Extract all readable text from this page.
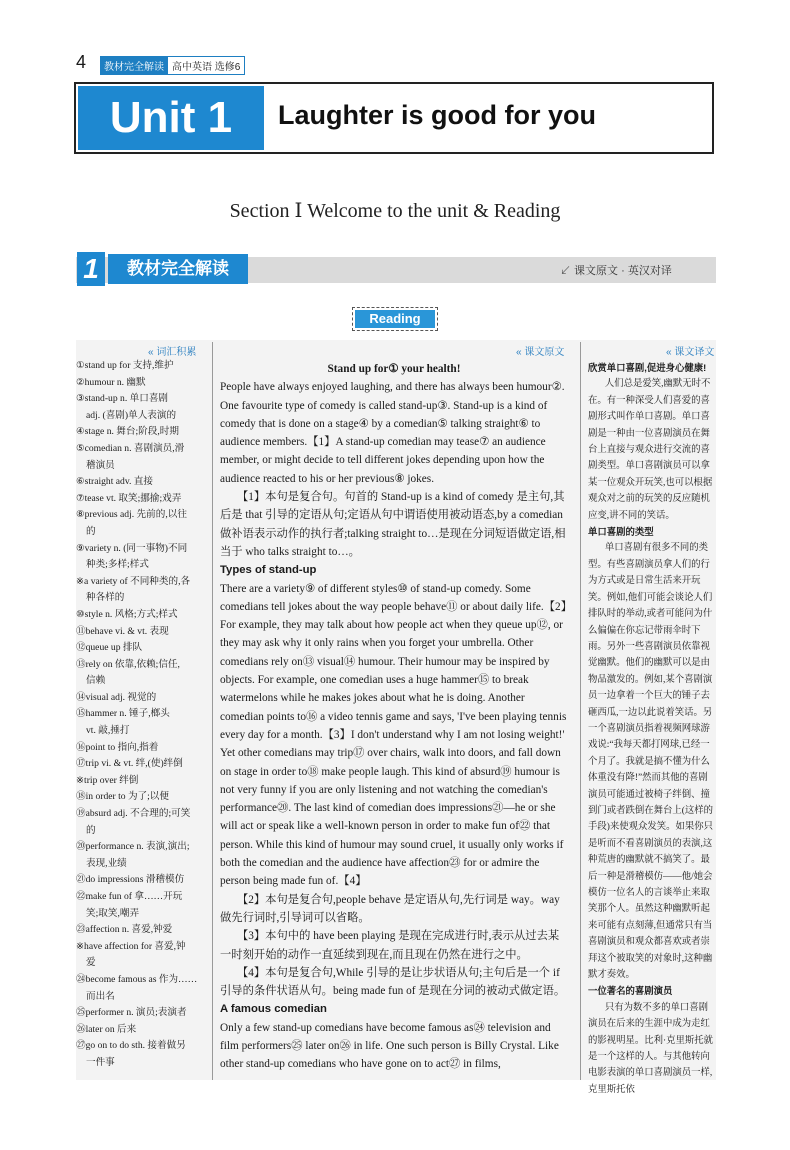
4	教材完全解读 高中英语 选修6
Unit 1	Laughter is good for you
Section Ⅰ Welcome to the unit & Reading
1	教材完全解读	↙ 课文原文 · 英汉对译
Reading
« 词汇积累	« 课文原文	« 课文译文
①stand up for 支持,维护
②humour n. 幽默
③stand-up n. 单口喜剧
adj. (喜剧)单人表演的
④stage n. 舞台;阶段,时期
⑤comedian n. 喜剧演员,滑
稽演员
⑥straight adv. 直接
⑦tease vt. 取笑;挪揄;戏弄
⑧previous adj. 先前的,以往
的
⑨variety n. (同一事物)不同
种类;多样;样式
※a variety of 不同种类的,各
种各样的
⑩style n. 风格;方式;样式
⑪behave vi. & vt. 表现
⑫queue up 排队
⑬rely on 依靠,依赖;信任,
信赖
⑭visual adj. 视觉的
⑮hammer n. 锤子,榔头
vt. 敲,捶打
⑯point to 指向,指着
⑰trip vi. & vt. 绊,(使)绊倒
※trip over 绊倒
⑱in order to 为了;以便
⑲absurd adj. 不合理的;可笑
的
⑳performance n. 表演,演出;
表现,业绩
㉑do impressions 滑稽模仿
㉒make fun of 拿……开玩
笑;取笑,嘲弄
㉓affection n. 喜爱,钟爱
※have affection for 喜爱,钟
爱
㉔become famous as 作为……
而出名
㉕performer n. 演员;表演者
㉖later on 后来
㉗go on to do sth. 接着做另
一件事

Stand up for① your health!

People have always enjoyed laughing, and there has always been humour②. One favourite type of comedy is called stand-up③. Stand-up is a kind of comedy that is done on a stage④ by a comedian⑤ talking straight⑥ to audience members.【1】A stand-up comedian may tease⑦ an audience member, or might decide to tell different jokes depending upon how the audience reacted to his or her previous⑧ jokes.

【1】本句是复合句。句首的 Stand-up is a kind of comedy 是主句,其后是 that 引导的定语从句;定语从句中谓语使用被动语态,by a comedian 做补语表示动作的执行者;talking straight to…是现在分词短语做定语,相当于 who talks straight to…。

Types of stand-up

There are a variety⑨ of different styles⑩ of stand-up comedy. Some comedians tell jokes about the way people behave⑪ or about daily life.【2】For example, they may talk about how people act when they queue up⑫, or they may ask why it only rains when you forget your umbrella. Other comedians rely on⑬ visual⑭ humour. Their humour may be inspired by objects. For example, one comedian uses a huge hammer⑮ to break watermelons while he makes jokes about what he is doing. Another comedian points to⑯ a video tennis game and says, 'I've been playing tennis every day for a month.【3】I don't understand why I am not losing weight!' Yet other comedians may trip⑰ over chairs, walk into doors, and fall down on stage in order to⑱ make people laugh. This kind of absurd⑲ humour is not very funny if you are only listening and not watching the comedian's performance⑳. The last kind of comedian does impressions㉑—he or she will act or speak like a well-known person in order to make fun of㉒ that person. While this kind of humour may sound cruel, it usually only works if both the comedian and the audience have affection㉓ for or admire the person being made fun of.【4】

【2】本句是复合句,people behave 是定语从句,先行词是 way。way 做先行词时,引导词可以省略。

【3】本句中的 have been playing 是现在完成进行时,表示从过去某一时刻开始的动作一直延续到现在,而且现在仍然在进行之中。

【4】本句是复合句,While 引导的是让步状语从句;主句后是一个 if 引导的条件状语从句。being made fun of 是现在分词的被动式做定语。

A famous comedian

Only a few stand-up comedians have become famous as㉔ television and film performers㉕ later on㉖ in life. One such person is Billy Crystal. Like other stand-up comedians who have gone on to act㉗ in films,

欣赏单口喜剧,促进身心健康!

人们总是爱笑,幽默无时不在。有一种深受人们喜爱的喜剧形式叫作单口喜剧。单口喜剧是一种由一位喜剧演员在舞台上直接与观众进行交流的喜剧类型。单口喜剧演员可以拿某一位观众开玩笑,也可以根据观众对之前的玩笑的反应随机应变,讲不同的笑话。

单口喜剧的类型

单口喜剧有很多不同的类型。有些喜剧演员拿人们的行为方式或是日常生活来开玩笑。例如,他们可能会谈论人们排队时的举动,或者可能问为什么偏偏在你忘记带雨伞时下雨。另外一些喜剧演员依靠视觉幽默。他们的幽默可以是由物品激发的。例如,某个喜剧演员一边拿着一个巨大的锤子去砸西瓜,一边以此说着笑话。另一个喜剧演员指着视频网球游戏说:“我每天都打网球,已经一个月了。我就是搞不懂为什么体重没有降!”然而其他的喜剧演员可能通过被椅子绊倒、撞到门或者跌倒在舞台上(这样的手段)来使观众发笑。如果你只是听而不看喜剧演员的表演,这种荒唐的幽默就不搞笑了。最后一种是滑稽模仿——他/她会模仿一位名人的言谈举止来取笑那个人。虽然这种幽默听起来可能有点刻薄,但通常只有当喜剧演员和观众都喜欢或者崇拜这个被取笑的对象时,这种幽默才奏效。

一位著名的喜剧演员

只有为数不多的单口喜剧演员在后来的生涯中成为走红的影视明星。比利·克里斯托就是一个这样的人。与其他转向电影表演的单口喜剧演员一样,克里斯托依
